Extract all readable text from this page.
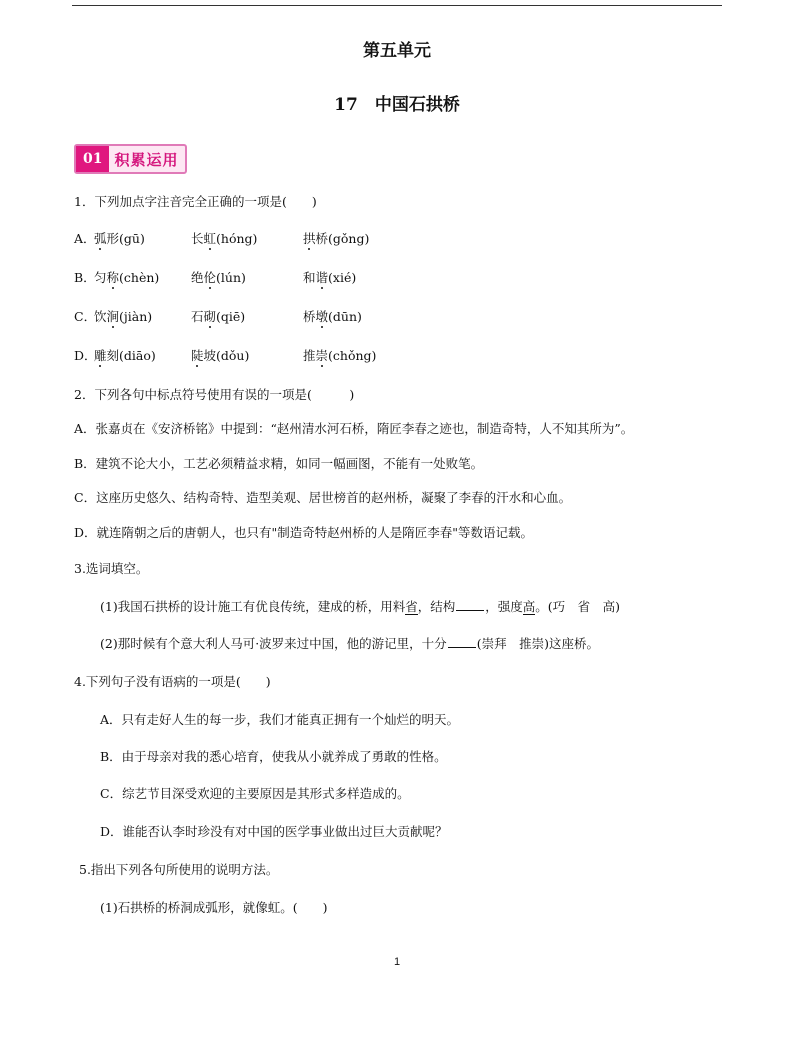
第五单元
17　中国石拱桥
01 积累运用
1．下列加点字注音完全正确的一项是(　　)
A．
弧形(gū)	长虹(hóng)	拱桥(gǒng)
B．
匀称(chèn)	绝伦(lún)	和谐(xié)
C．
饮涧(jiàn)	石砌(qiē)	桥墩(dūn)
D．
雕刻(diāo)	陡坡(dǒu)	推崇(chǒng)
2．下列各句中标点符号使用有误的一项是(　　　)
A．张嘉贞在《安济桥铭》中提到：“赵州清水河石桥，隋匠李春之迹也，制造奇特，人不知其所为”。
B．建筑不论大小，工艺必须精益求精，如同一幅画图，不能有一处败笔。
C．这座历史悠久、结构奇特、造型美观、居世榜首的赵州桥，凝聚了李春的汗水和心血。
D．就连隋朝之后的唐朝人，也只有"制造奇特赵州桥的人是隋匠李春"等数语记载。
3.选词填空。
(1)我国石拱桥的设计施工有优良传统，建成的桥，用料省，结构 ，强度高。(巧　省　高)
(2)那时候有个意大利人马可·波罗来过中国，他的游记里，十分 (崇拜　推崇)这座桥。
4.下列句子没有语病的一项是(　　)
A．只有走好人生的每一步，我们才能真正拥有一个灿烂的明天。
B．由于母亲对我的悉心培育，使我从小就养成了勇敢的性格。
C．综艺节目深受欢迎的主要原因是其形式多样造成的。
D．谁能否认李时珍没有对中国的医学事业做出过巨大贡献呢？
5.指出下列各句所使用的说明方法。
(1)石拱桥的桥洞成弧形，就像虹。(　　)
1
